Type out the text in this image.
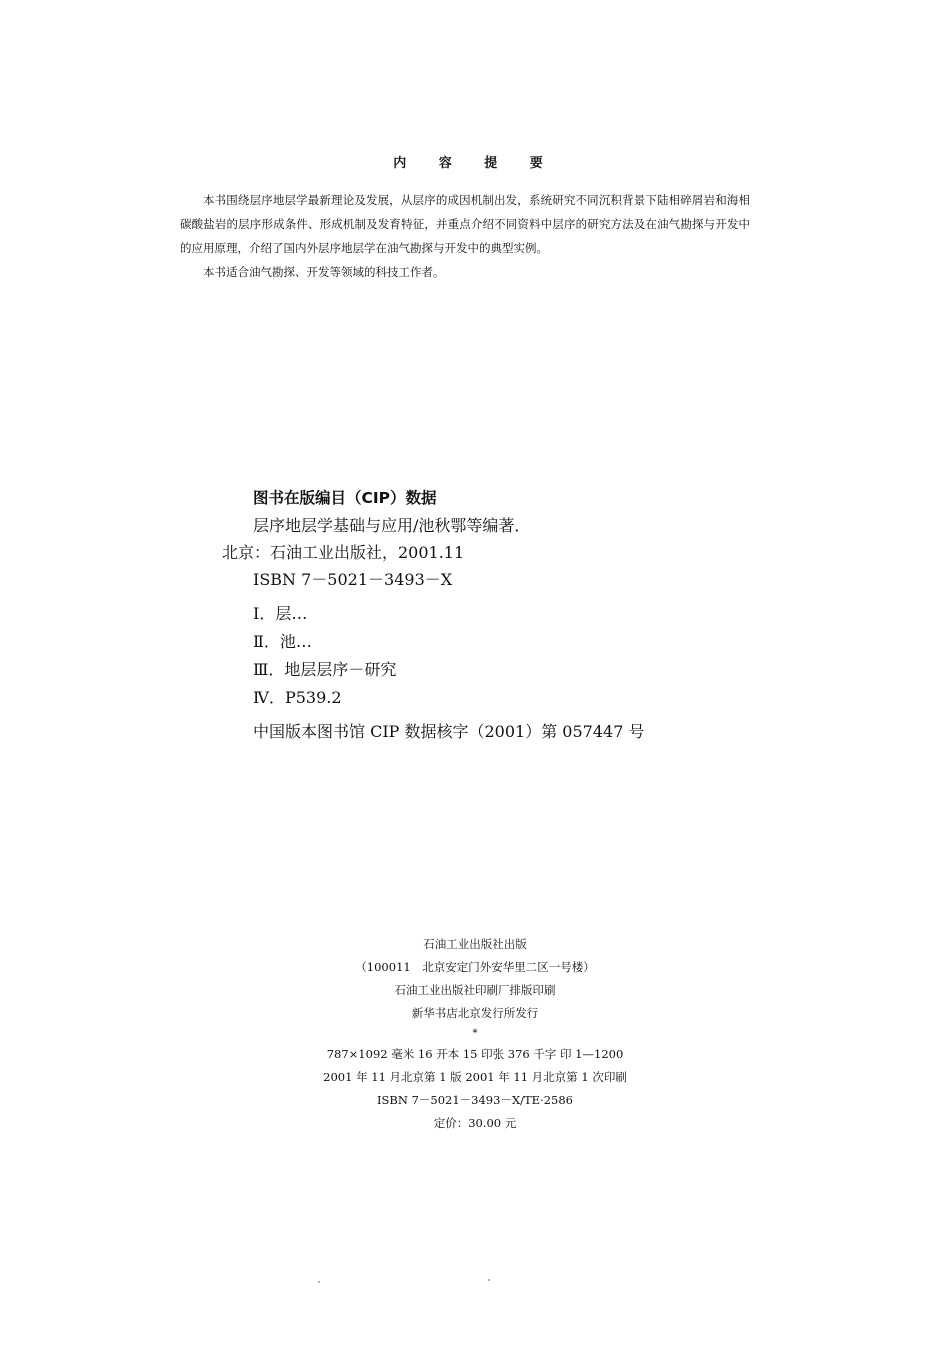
内 容 提 要

本书围绕层序地层学最新理论及发展，从层序的成因机制出发，系统研究不同沉积背景下陆相碎屑岩和海相碳酸盐岩的层序形成条件、形成机制及发育特征，并重点介绍不同资料中层序的研究方法及在油气勘探与开发中的应用原理，介绍了国内外层序地层学在油气勘探与开发中的典型实例。

本书适合油气勘探、开发等领域的科技工作者。

图书在版编目（CIP）数据
层序地层学基础与应用/池秋鄂等编著．
北京：石油工业出版社，2001.11
ISBN 7－5021－3493－X
Ⅰ．层…
Ⅱ．池…
Ⅲ．地层层序－研究
Ⅳ．P539.2
中国版本图书馆 CIP 数据核字（2001）第 057447 号
石油工业出版社出版
（100011　北京安定门外安华里二区一号楼）
石油工业出版社印刷厂排版印刷
新华书店北京发行所发行
*
787×1092 毫米 16 开本 15 印张 376 千字 印 1—1200
2001 年 11 月北京第 1 版 2001 年 11 月北京第 1 次印刷
ISBN 7－5021－3493－X/TE·2586
定价：30.00 元
